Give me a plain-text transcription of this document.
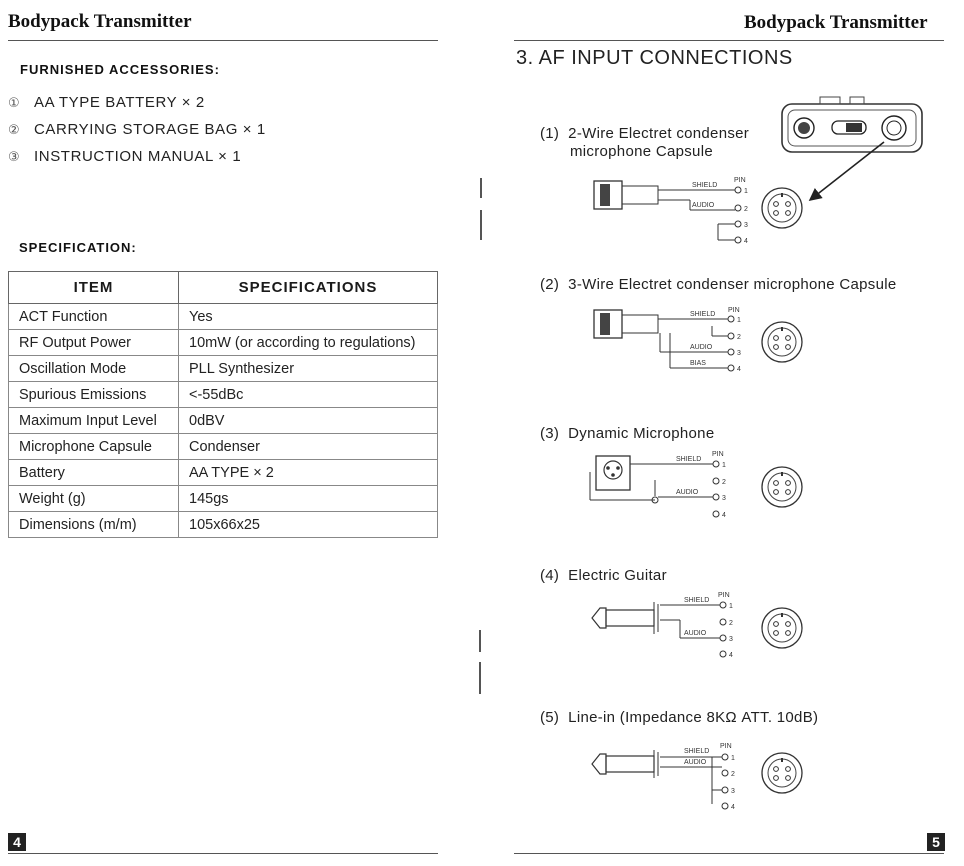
Bodypack Transmitter
FURNISHED ACCESSORIES:
① AA TYPE BATTERY × 2
② CARRYING STORAGE BAG × 1
③ INSTRUCTION MANUAL × 1
SPECIFICATION:
ITEM	SPECIFICATIONS
ACT Function	Yes
RF Output Power	10mW (or according to regulations)
Oscillation Mode	PLL Synthesizer
Spurious Emissions	<-55dBc
Maximum Input Level	0dBV
Microphone Capsule	Condenser
Battery	AA TYPE × 2
Weight (g)	145gs
Dimensions (m/m)	105x66x25
4
Bodypack Transmitter
3. AF INPUT CONNECTIONS
(1) 2-Wire Electret condenser
microphone Capsule
(2) 3-Wire Electret condenser microphone Capsule
(3) Dynamic Microphone
(4) Electric Guitar
(5) Line-in (Impedance 8KΩ ATT. 10dB)
SHIELD
PIN
1
2
3
4
AUDIO
SHIELD
PIN
1
2
3
4
AUDIO
BIAS
SHIELD
PIN
1
2
3
4
AUDIO
SHIELD
PIN
1
2
3
4
AUDIO
SHIELD
PIN
1
2
3
4
AUDIO
5
